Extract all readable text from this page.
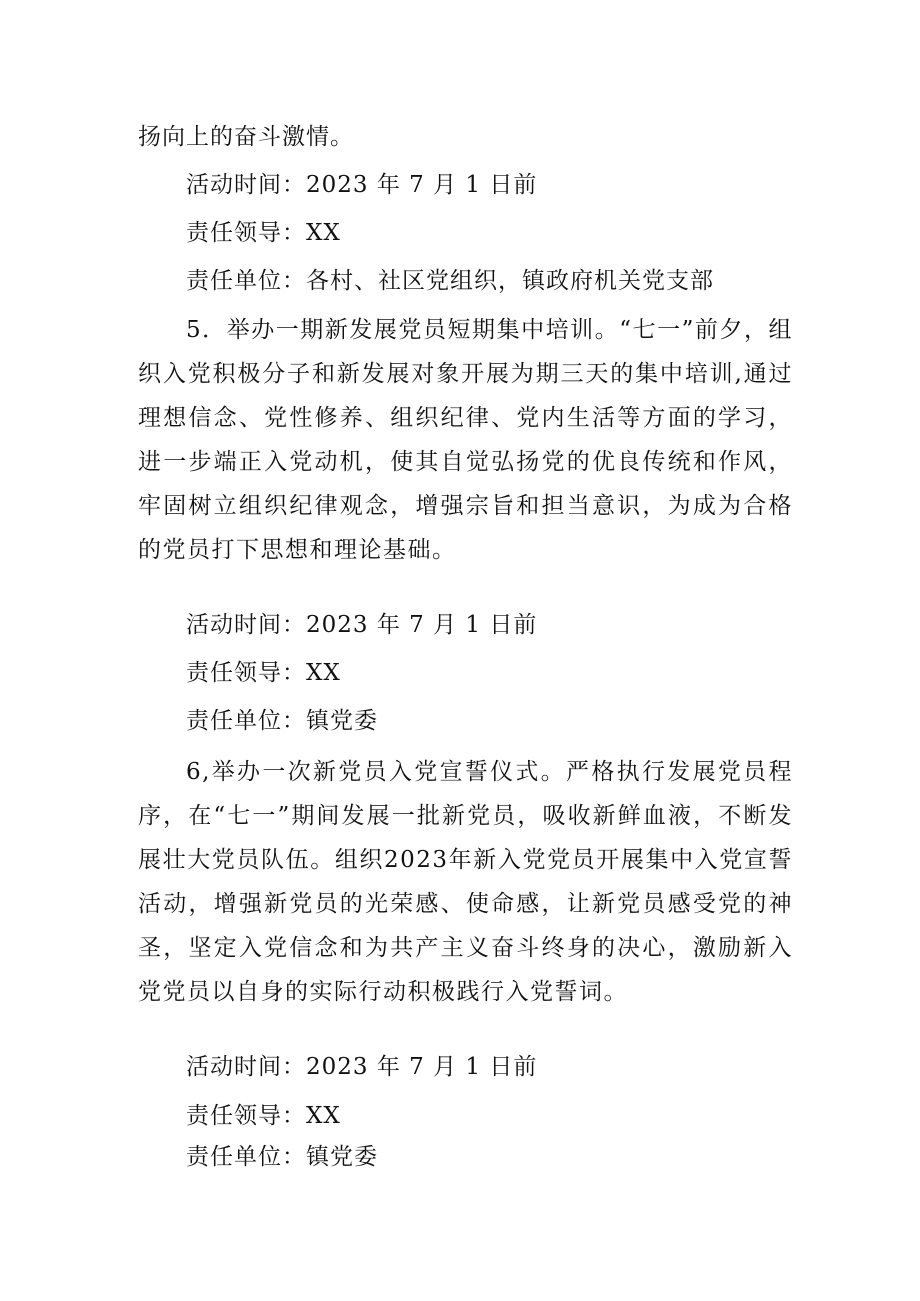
扬向上的奋斗激情。
活动时间：2023 年 7 月 1 日前
责任领导：XX
责任单位：各村、社区党组织，镇政府机关党支部

5．举办一期新发展党员短期集中培训。“七一”前夕，组织入党积极分子和新发展对象开展为期三天的集中培训,通过理想信念、党性修养、组织纪律、党内生活等方面的学习，进一步端正入党动机，使其自觉弘扬党的优良传统和作风，牢固树立组织纪律观念，增强宗旨和担当意识，为成为合格的党员打下思想和理论基础。

活动时间：2023 年 7 月 1 日前
责任领导：XX
责任单位：镇党委

6,举办一次新党员入党宣誓仪式。严格执行发展党员程序，在“七一”期间发展一批新党员，吸收新鲜血液，不断发展壮大党员队伍。组织2023年新入党党员开展集中入党宣誓活动，增强新党员的光荣感、使命感，让新党员感受党的神圣，坚定入党信念和为共产主义奋斗终身的决心，激励新入党党员以自身的实际行动积极践行入党誓词。

活动时间：2023 年 7 月 1 日前
责任领导：XX
责任单位：镇党委
